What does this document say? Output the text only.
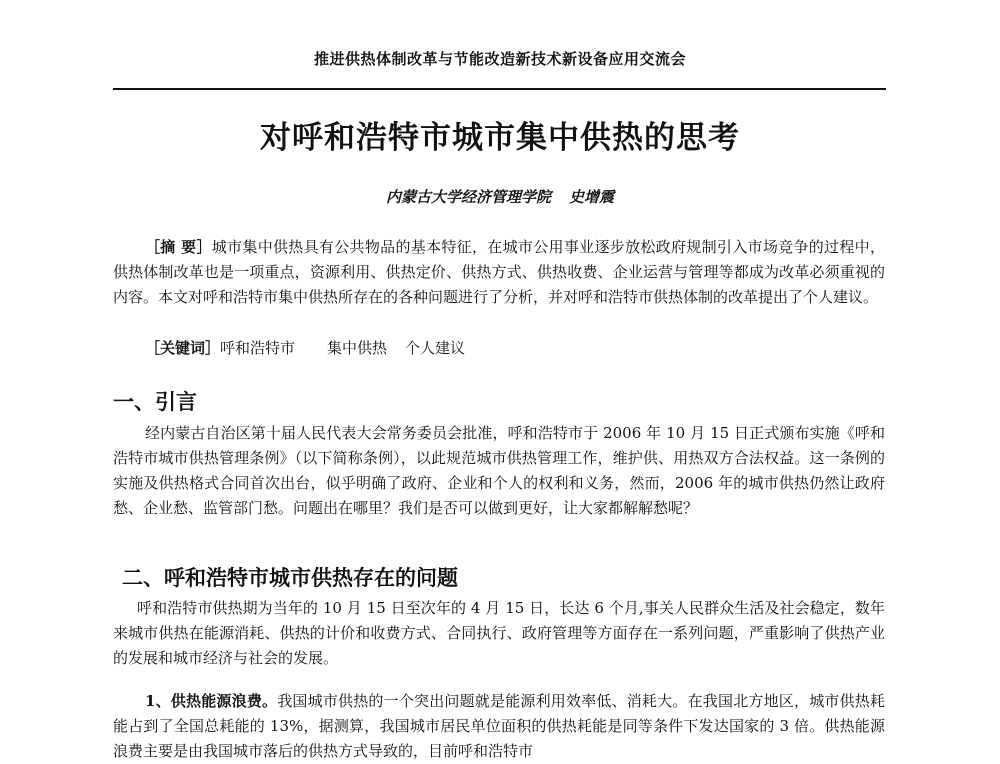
推进供热体制改革与节能改造新技术新设备应用交流会
对呼和浩特市城市集中供热的思考
内蒙古大学经济管理学院 史增震
［摘 要］城市集中供热具有公共物品的基本特征，在城市公用事业逐步放松政府规制引入市场竞争的过程中，供热体制改革也是一项重点，资源利用、供热定价、供热方式、供热收费、企业运营与管理等都成为改革必须重视的内容。本文对呼和浩特市集中供热所存在的各种问题进行了分析，并对呼和浩特市供热体制的改革提出了个人建议。
［关键词］呼和浩特市 集中供热 个人建议
一、引言
经内蒙古自治区第十届人民代表大会常务委员会批准，呼和浩特市于 2006 年 10 月 15 日正式颁布实施《呼和浩特市城市供热管理条例》（以下简称条例），以此规范城市供热管理工作，维护供、用热双方合法权益。这一条例的实施及供热格式合同首次出台，似乎明确了政府、企业和个人的权利和义务，然而，2006 年的城市供热仍然让政府愁、企业愁、监管部门愁。问题出在哪里？我们是否可以做到更好，让大家都解解愁呢？
二、呼和浩特市城市供热存在的问题
呼和浩特市供热期为当年的 10 月 15 日至次年的 4 月 15 日，长达 6 个月,事关人民群众生活及社会稳定，数年来城市供热在能源消耗、供热的计价和收费方式、合同执行、政府管理等方面存在一系列问题，严重影响了供热产业的发展和城市经济与社会的发展。
1、供热能源浪费。我国城市供热的一个突出问题就是能源利用效率低、消耗大。在我国北方地区，城市供热耗能占到了全国总耗能的 13%，据测算，我国城市居民单位面积的供热耗能是同等条件下发达国家的 3 倍。供热能源浪费主要是由我国城市落后的供热方式导致的，目前呼和浩特市
